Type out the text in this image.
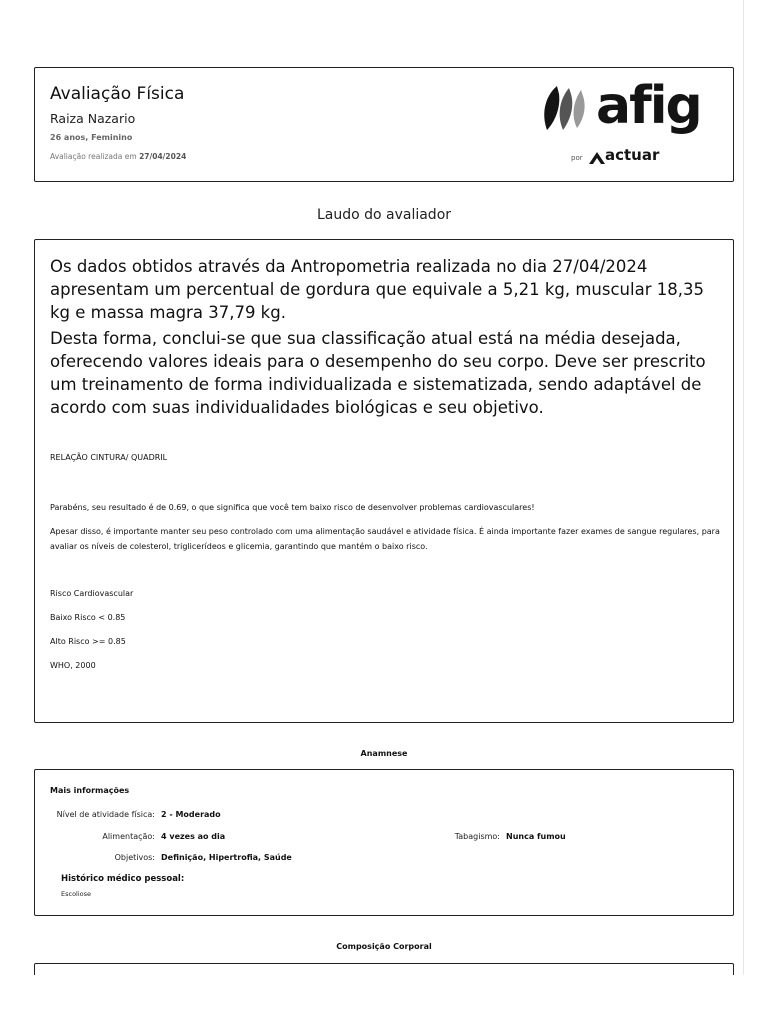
Avaliação Física
Raiza Nazario
26 anos, Feminino
Avaliação realizada em 27/04/2024
afig
por actuar
Laudo do avaliador

Os dados obtidos através da Antropometria realizada no dia 27/04/2024 apresentam um percentual de gordura que equivale a 5,21 kg, muscular 18,35 kg e massa magra 37,79 kg.

Desta forma, conclui-se que sua classificação atual está na média desejada, oferecendo valores ideais para o desempenho do seu corpo. Deve ser prescrito um treinamento de forma individualizada e sistematizada, sendo adaptável de acordo com suas individualidades biológicas e seu objetivo.

RELAÇÃO CINTURA/ QUADRIL
Parabéns, seu resultado é de 0.69, o que significa que você tem baixo risco de desenvolver problemas cardiovasculares!
Apesar disso, é importante manter seu peso controlado com uma alimentação saudável e atividade física. É ainda importante fazer exames de sangue regulares, para avaliar os níveis de colesterol, triglicerídeos e glicemia, garantindo que mantém o baixo risco.
Risco Cardiovascular
Baixo Risco < 0.85
Alto Risco >= 0.85
WHO, 2000
Anamnese
Mais informações
Nível de atividade física: 2 - Moderado
Alimentação: 4 vezes ao dia	Tabagismo: Nunca fumou
Objetivos: Definição, Hipertrofia, Saúde
Histórico médico pessoal:
Escoliose
Composição Corporal
